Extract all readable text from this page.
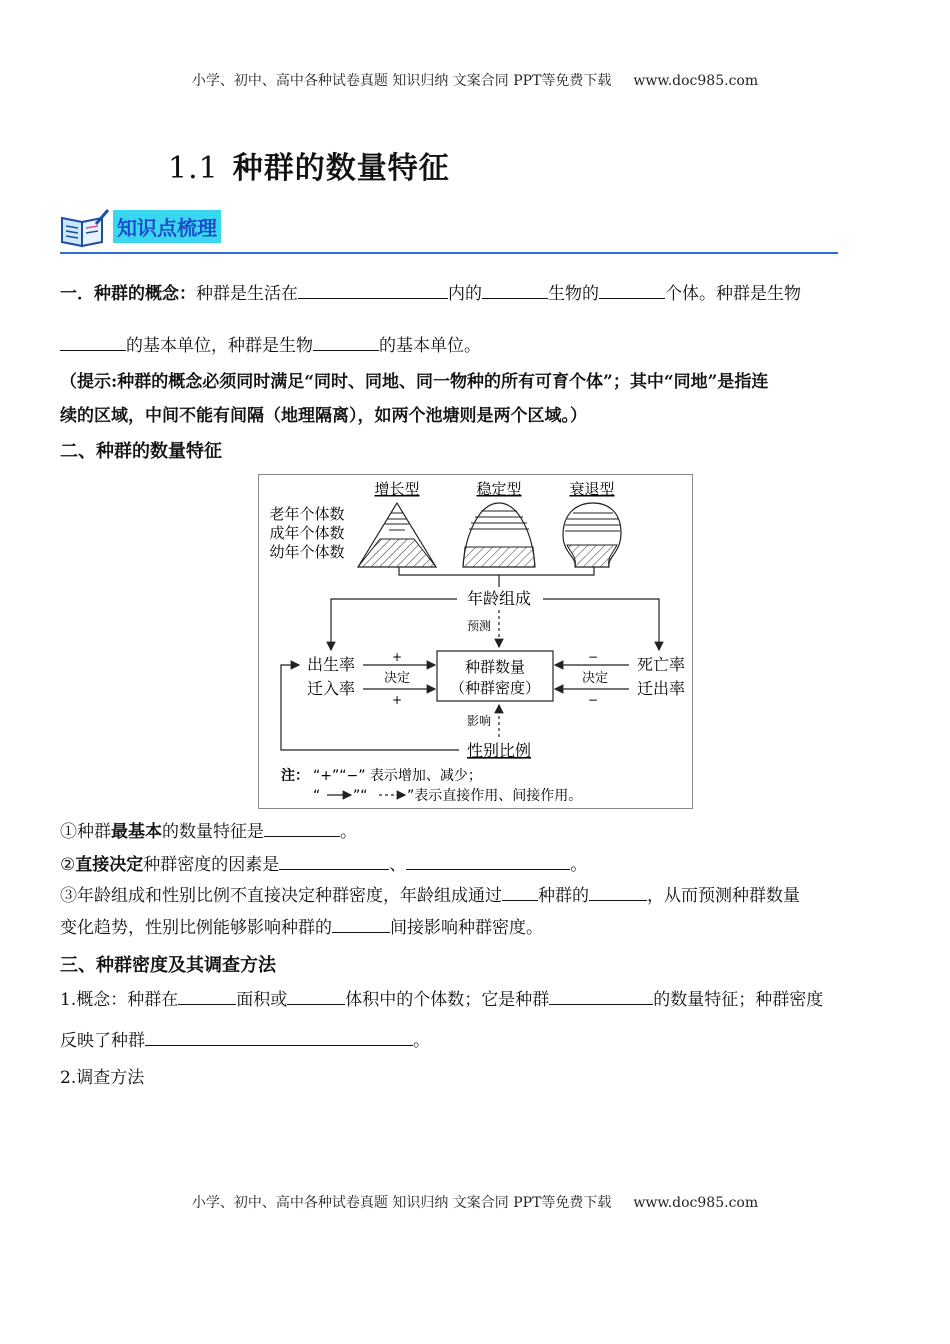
小学、初中、高中各种试卷真题 知识归纳 文案合同 PPT等免费下载 www.doc985.com
1.1 种群的数量特征
知识点梳理
一．种群的概念：种群是生活在	内的	生物的	个体。种群是生物
的基本单位，种群是生物	的基本单位。
（提示:种群的概念必须同时满足“同时、同地、同一物种的所有可育个体”；其中“同地”是指连
续的区域，中间不能有间隔（地理隔离），如两个池塘则是两个区域。）
二、种群的数量特征
增长型	稳定型	衰退型
老年个体数
成年个体数
幼年个体数
年龄组成
预测
种群数量
（种群密度）
出生率
迁入率
+
决定
+
死亡率
迁出率
−
决定
−
影响
性别比例
注： “+”“−” 表示增加、减少；
“ ”“	”表示直接作用、间接作用。
①种群最基本的数量特征是	。
②直接决定种群密度的因素是	、	。
③年龄组成和性别比例不直接决定种群密度，年龄组成通过 种群的	，从而预测种群数量
变化趋势，性别比例能够影响种群的	间接影响种群密度。
三、种群密度及其调查方法
1.概念：种群在	面积或	体积中的个体数；它是种群	的数量特征；种群密度
反映了种群	。
2.调查方法
小学、初中、高中各种试卷真题 知识归纳 文案合同 PPT等免费下载 www.doc985.com
